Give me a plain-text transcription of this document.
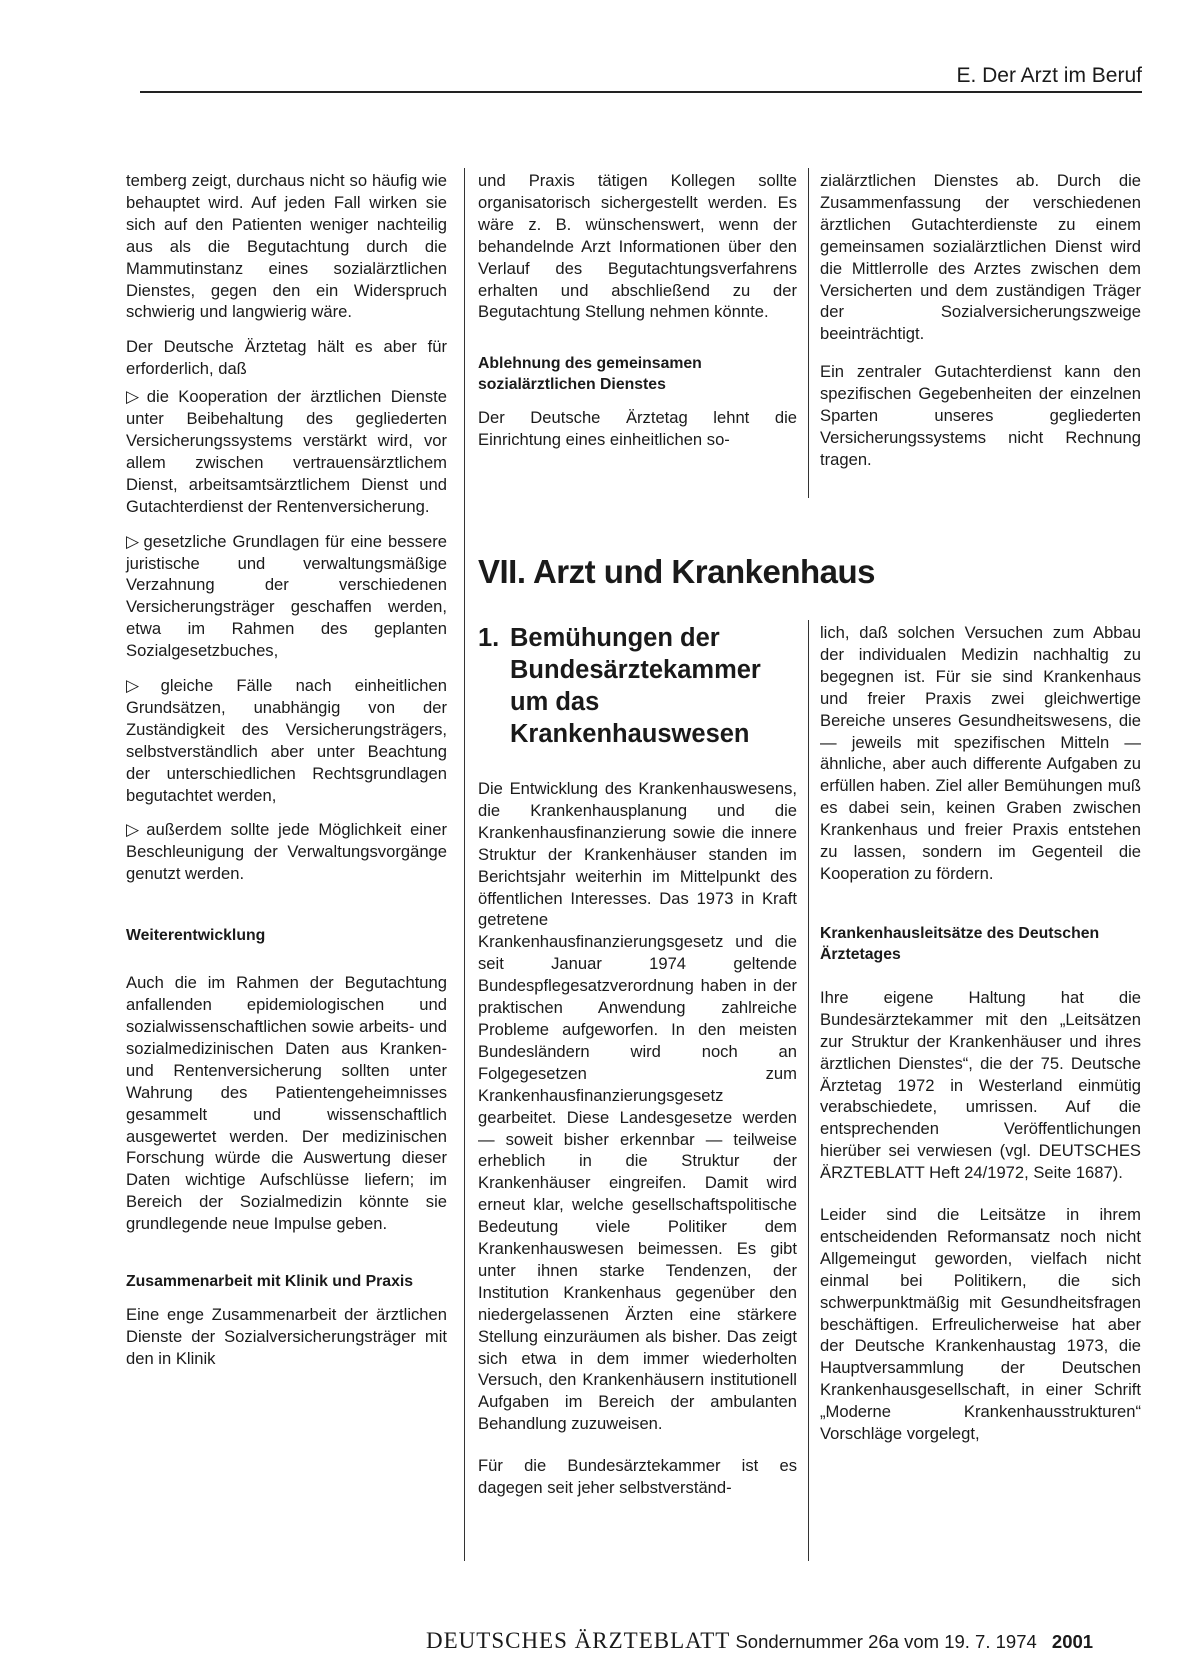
E. Der Arzt im Beruf

temberg zeigt, durchaus nicht so häufig wie behauptet wird. Auf jeden Fall wirken sie sich auf den Patienten weniger nachteilig aus als die Begutachtung durch die Mammutinstanz eines sozialärztlichen Dienstes, gegen den ein Widerspruch schwierig und langwierig wäre.

Der Deutsche Ärztetag hält es aber für erforderlich, daß

▷ die Kooperation der ärztlichen Dienste unter Beibehaltung des gegliederten Versicherungssystems verstärkt wird, vor allem zwischen vertrauensärztlichem Dienst, arbeitsamtsärztlichem Dienst und Gutachterdienst der Rentenversicherung.

▷ gesetzliche Grundlagen für eine bessere juristische und verwaltungsmäßige Verzahnung der verschiedenen Versicherungsträger geschaffen werden, etwa im Rahmen des geplanten Sozialgesetzbuches,

▷ gleiche Fälle nach einheitlichen Grundsätzen, unabhängig von der Zuständigkeit des Versicherungsträgers, selbstverständlich aber unter Beachtung der unterschiedlichen Rechtsgrundlagen begutachtet werden,

▷ außerdem sollte jede Möglichkeit einer Beschleunigung der Verwaltungsvorgänge genutzt werden.

Weiterentwicklung

Auch die im Rahmen der Begutachtung anfallenden epidemiologischen und sozialwissenschaftlichen sowie arbeits- und sozialmedizinischen Daten aus Kranken- und Rentenversicherung sollten unter Wahrung des Patientengeheimnisses gesammelt und wissenschaftlich ausgewertet werden. Der medizinischen Forschung würde die Auswertung dieser Daten wichtige Aufschlüsse liefern; im Bereich der Sozialmedizin könnte sie grundlegende neue Impulse geben.

Zusammenarbeit mit Klinik und Praxis

Eine enge Zusammenarbeit der ärztlichen Dienste der Sozialversicherungsträger mit den in Klinik

und Praxis tätigen Kollegen sollte organisatorisch sichergestellt werden. Es wäre z. B. wünschenswert, wenn der behandelnde Arzt Informationen über den Verlauf des Begutachtungsverfahrens erhalten und abschließend zu der Begutachtung Stellung nehmen könnte.

Ablehnung des gemeinsamen sozialärztlichen Dienstes

Der Deutsche Ärztetag lehnt die Einrichtung eines einheitlichen so-

zialärztlichen Dienstes ab. Durch die Zusammenfassung der verschiedenen ärztlichen Gutachterdienste zu einem gemeinsamen sozialärztlichen Dienst wird die Mittlerrolle des Arztes zwischen dem Versicherten und dem zuständigen Träger der Sozialversicherungszweige beeinträchtigt.

Ein zentraler Gutachterdienst kann den spezifischen Gegebenheiten der einzelnen Sparten unseres gegliederten Versicherungssystems nicht Rechnung tragen.

VII. Arzt und Krankenhaus
1. Bemühungen der
Bundesärztekammer
um das
Krankenhauswesen

Die Entwicklung des Krankenhauswesens, die Krankenhausplanung und die Krankenhausfinanzierung sowie die innere Struktur der Krankenhäuser standen im Berichtsjahr weiterhin im Mittelpunkt des öffentlichen Interesses. Das 1973 in Kraft getretene Krankenhausfinanzierungsgesetz und die seit Januar 1974 geltende Bundespflegesatzverordnung haben in der praktischen Anwendung zahlreiche Probleme aufgeworfen. In den meisten Bundesländern wird noch an Folgegesetzen zum Krankenhausfinanzierungsgesetz gearbeitet. Diese Landesgesetze werden — soweit bisher erkennbar — teilweise erheblich in die Struktur der Krankenhäuser eingreifen. Damit wird erneut klar, welche gesellschaftspolitische Bedeutung viele Politiker dem Krankenhauswesen beimessen. Es gibt unter ihnen starke Tendenzen, der Institution Krankenhaus gegenüber den niedergelassenen Ärzten eine stärkere Stellung einzuräumen als bisher. Das zeigt sich etwa in dem immer wiederholten Versuch, den Krankenhäusern institutionell Aufgaben im Bereich der ambulanten Behandlung zuzuweisen.

Für die Bundesärztekammer ist es dagegen seit jeher selbstverständ-

lich, daß solchen Versuchen zum Abbau der individualen Medizin nachhaltig zu begegnen ist. Für sie sind Krankenhaus und freier Praxis zwei gleichwertige Bereiche unseres Gesundheitswesens, die — jeweils mit spezifischen Mitteln — ähnliche, aber auch differente Aufgaben zu erfüllen haben. Ziel aller Bemühungen muß es dabei sein, keinen Graben zwischen Krankenhaus und freier Praxis entstehen zu lassen, sondern im Gegenteil die Kooperation zu fördern.

Krankenhausleitsätze des Deutschen Ärztetages

Ihre eigene Haltung hat die Bundesärztekammer mit den „Leitsätzen zur Struktur der Krankenhäuser und ihres ärztlichen Dienstes“, die der 75. Deutsche Ärztetag 1972 in Westerland einmütig verabschiedete, umrissen. Auf die entsprechenden Veröffentlichungen hierüber sei verwiesen (vgl. DEUTSCHES ÄRZTEBLATT Heft 24/1972, Seite 1687).

Leider sind die Leitsätze in ihrem entscheidenden Reformansatz noch nicht Allgemeingut geworden, vielfach nicht einmal bei Politikern, die sich schwerpunktmäßig mit Gesundheitsfragen beschäftigen. Erfreulicherweise hat aber der Deutsche Krankenhaustag 1973, die Hauptversammlung der Deutschen Krankenhausgesellschaft, in einer Schrift „Moderne Krankenhausstrukturen“ Vorschläge vorgelegt,

DEUTSCHES ÄRZTEBLATT Sondernummer 26a vom 19. 7. 1974 2001
